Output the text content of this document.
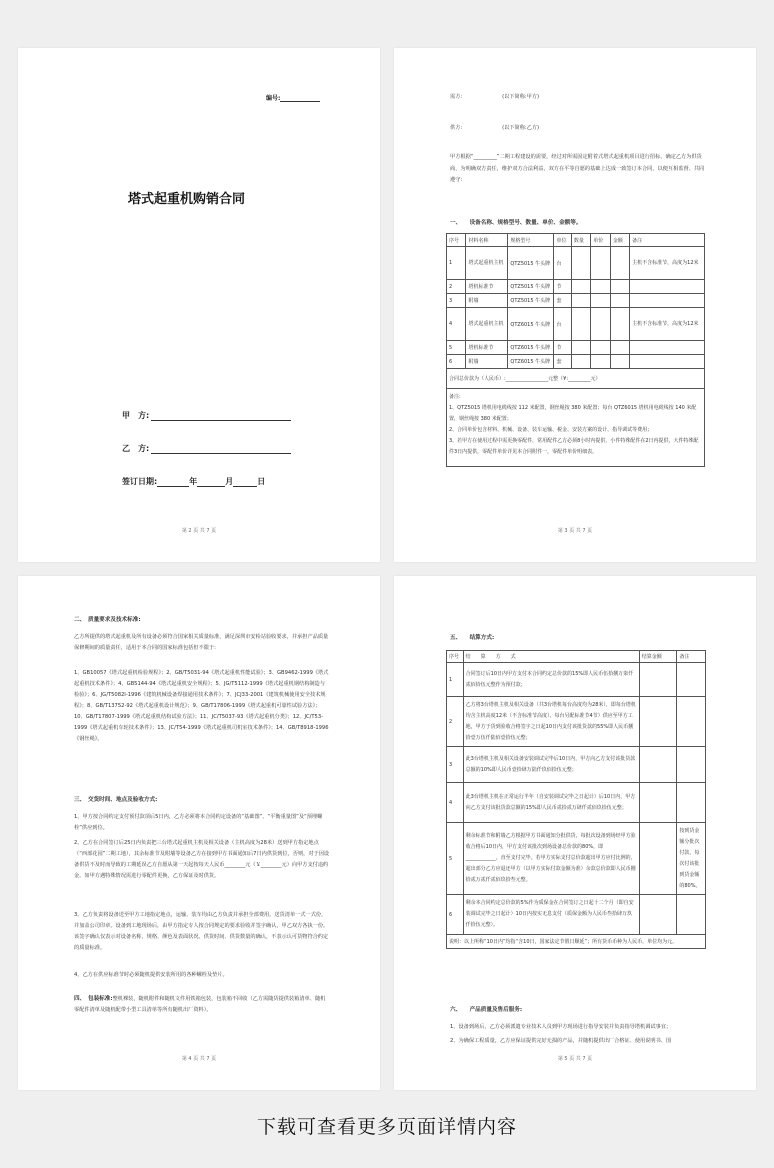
编号:
塔式起重机购销合同
甲　方:
乙　方:
签订日期:	年	月	日
第 2 页 共 7 页
需方:	(以下简称:甲方)
供方:	(以下简称:乙方)
甲方根据“_________”二期工程建设的需要，经过对所需固定附着式塔式起重机项目进行招标，确定乙方为供货商，为明确双方责任，维护双方合法利益，双方在平等自愿的基础上达成一致签订本合同，以便互相监督、共同遵守:
一、　　设备名称、规格型号、数量、单价、金额等。
序号	材料名称	规格型号	单位	数量	单价	金额	备注
1	塔式起重机主机	QTZ5015 牛头牌	台				主机不含标准节，高度为12米
2	塔机标准节	QTZ5015 牛头牌	节				
3	附墙	QTZ5015 牛头牌	套				
4	塔式起重机主机	QTZ6015 牛头牌	台				主机不含标准节，高度为12米
5	塔机标准节	QTZ6015 牛头牌	节				
6	附墙	QTZ6015 牛头牌	套				
合同总价款为（人民币）:_________________元整（¥:_________元）							

备注:
1、QTZ5015 塔机用电缆线按 112 米配置，钢丝绳按 380 米配置；每台 QTZ6015 塔机用电缆线按 140 米配置，钢丝绳按 380 米配置；
2、合同单价包含材料、机械、设备、装车运输、税金、安装方案的设计、指导调试等费用；
3、若甲方在使用过程中需更换零配件，常用配件乙方必须8小时内提供，小件特殊配件在2日内提供，大件特殊配件3日内提供，零配件单价详见本合同附件一，零配件单价明细表。							
第 3 页 共 7 页
二、　质量要求及技术标准:
乙方所提供的塔式起重机及所有设备必须符合国家相关质量标准，满足深圳市安检站验收要求，并承担产品质量保修期间的质量责任，适用于本合同的国家标准包括但不限于:
1、GB10057《塔式起重机检验规程》；2、GB/T5031-94《塔式起重机性能试验》；3、GB9462-1999《塔式起重机技术条件》；4、GB5144-94《塔式起重机安全规程》；5、JG/T5112-1999《塔式起重机钢结构制造与检验》；6、JG/T5082I-1996《建筑机械设备焊接通用技术条件》；7、JCJ33-2001《建筑机械使用安全技术规程》；8、GB/T13752-92《塔式起重机设计规范》；9、GB/T17806-1999《塔式起重机可靠性试验方法》；10、GB/T17807-1999《塔式起重机结构试验方法》；11、JC/T5037-93《塔式起重机分类》；12、JC/T53-1999《塔式起重机车轮技术条件》；13、JC/T54-1999《塔式起重机司机室技术条件》；14、GB/T8918-1996《钢丝绳》。
三、　交货时间、地点及验收方式:
1、甲方按合同约定支付预付款项后5日内，乙方必须将本合同约定设备的“基础图”、“平衡重量图”及“预埋螺栓”供应到位。
2、乙方在合同签订后25日内负责把三台塔式起重机主机及相关设备（主机高度为28米）送到甲方指定地点（“西部花园”二期工地），其余标准节及附墙等设备乙方在接到甲方书面通知后7日内供货到位，否则，对于因设备供货不及时而导致的工期延误乙方自愿从第一天起按每天人民币________元（￥________元）向甲方支付违约金。如甲方遇特殊情况需进行零配件更换，乙方保证及时供货。
3、乙方负责将设备送至甲方工地指定地点，运输、装车均由乙方负责并承担全部费用。送货清单一式一式份，并加盖公司印章。设备到工地现场后，由甲方指定专人按合同规定的要求验收并签字确认，甲乙双方各执一份。该签字确认仅表示对设备名称、规格、颜色及表面状况、供货时间、供货数量的确认，不表示认可货物符合约定的质量标准。
4、乙方在供应标准节时必须随机提供安装所用的各种螺栓及垫片。
四、　包装标准:整机裸装，随机附件和随机文件用铁箱包装，包装箱不回收（乙方需随货提供装箱清单、随机零配件清单及随机配带小型工具清单等所有随机出厂资料）。
第 4 页 共 7 页
五、　　结算方式:
序号	结　　算　　方　　式	结算金额	备注
1	合同签订后10日内甲方支付本合同约定总价款的15%即人民币伍拾捌万柒仟贰佰拾伍元整作为预付款；		
2	乙方将3台塔机主机及相关设备（共3台塔机每台高度均为28米），即每台塔机均含主机高度12米（不含标准节高度）、每台另配标准节4节）供应至甲方工地，甲方于货到验收合格签字之日起10日内支付该批货款的55%即人民币捌拾壹万伍仟陆佰壹拾伍元整；		
3	此3台塔机主机及相关设备安装调试完毕后10日内，甲方向乙方支付该批货款总额的10%即人民币壹拾肆万陆仟玖佰拾伍元整；		
4	此3台塔机主机在正常运行半年（自安装调试完毕之日起计）后10日内，甲方向乙方支付该批货款总额的15%即人民币贰拾贰万肆仟贰佰玖拾伍元整；		
5	剩余标准节和附墙乙方根据甲方书面通知分批供货，每批次设备到场经甲方验收合格后10日内，甲方支付该批次到场设备总价款的80%，即____________，直至支付完毕。若甲方实际支付总价款超出甲方应付比例的，超出部分乙方应退还甲方（以甲方实际付款金额为准）余款总价款即人民币捌拾贰万贰仟贰佰玖拾叁元整。		按到货金额分批次付款，每次付该批到货金额的80%。
6	剩余本合同约定总价款的5%作为质保金在合同签订之日起十二个月（即自安装调试完毕之日起计）10日内按实无息支付（质保金额为人民币叁拾肆万玖仟拾伍元整）。		
说明：以上所称“10日内”均指“含10日，国家法定节假日顺延”；所有货币币种为人民币，单位均为元。			
六、　　产品质量及售后服务:
1、设备到场后，乙方必须派遣专业技术人员到甲方现场进行指导安装并负责指导塔机调试事宜；
2、为确保工程质量，乙方应保证提供完好无损的产品，并随机提供出厂合格证、使用说明书、国
第 5 页 共 7 页
下载可查看更多页面详情内容
